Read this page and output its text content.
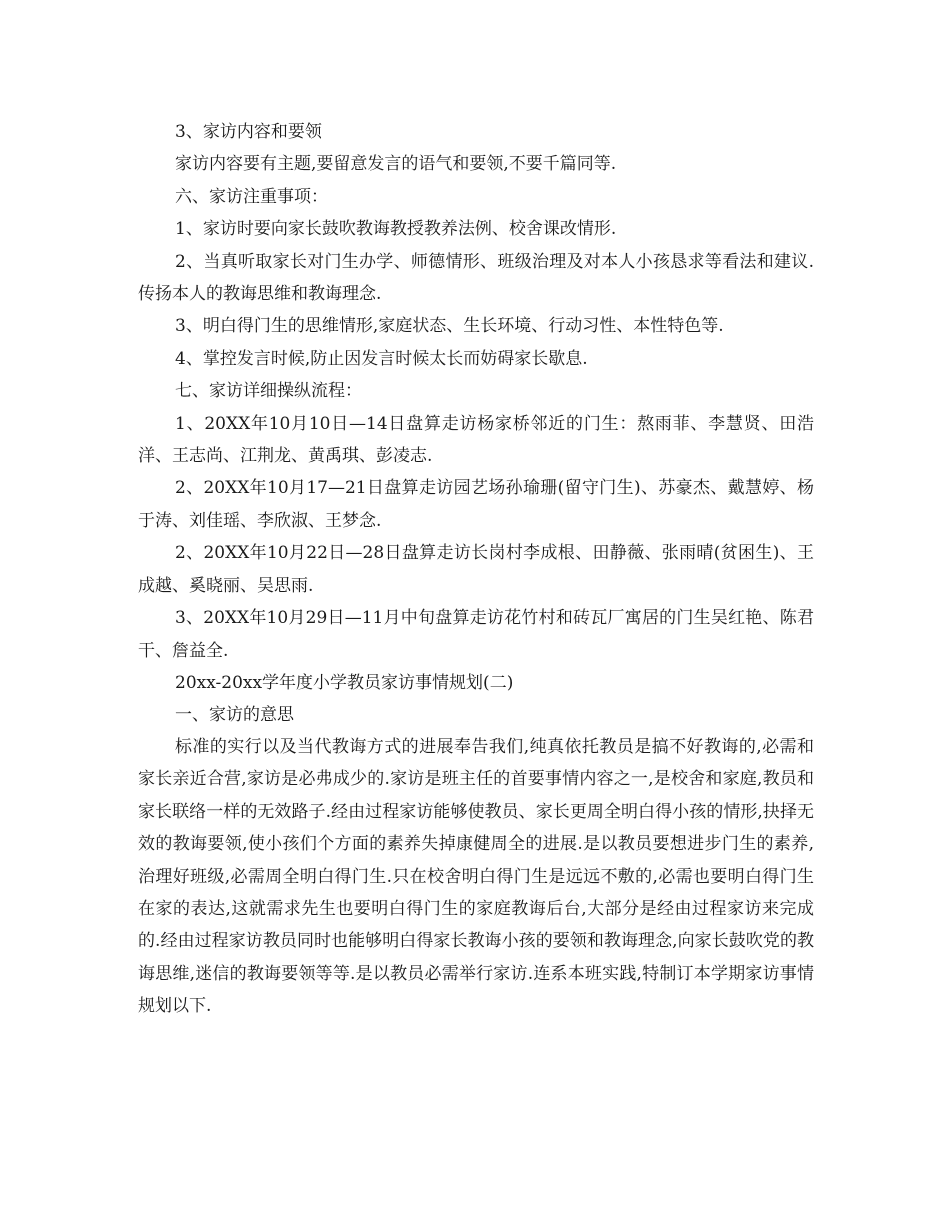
3、家访内容和要领

家访内容要有主题,要留意发言的语气和要领,不要千篇同等.

六、家访注重事项：

1、家访时要向家长鼓吹教诲教授教养法例、校舍课改情形.

2、当真听取家长对门生办学、师德情形、班级治理及对本人小孩恳求等看法和建议.传扬本人的教诲思维和教诲理念.

3、明白得门生的思维情形,家庭状态、生长环境、行动习性、本性特色等.

4、掌控发言时候,防止因发言时候太长而妨碍家长歇息.

七、家访详细操纵流程：

1、20XX年10月10日—14日盘算走访杨家桥邻近的门生：熬雨菲、李慧贤、田浩洋、王志尚、江荆龙、黄禹琪、彭凌志.

2、20XX年10月17—21日盘算走访园艺场孙瑜珊(留守门生)、苏豪杰、戴慧婷、杨于涛、刘佳瑶、李欣淑、王梦念.

2、20XX年10月22日—28日盘算走访长岗村李成根、田静薇、张雨晴(贫困生)、王成越、奚晓丽、吴思雨.

3、20XX年10月29日—11月中旬盘算走访花竹村和砖瓦厂寓居的门生吴红艳、陈君干、詹益全.

20xx-20xx学年度小学教员家访事情规划(二)

一、家访的意思

标准的实行以及当代教诲方式的进展奉告我们,纯真依托教员是搞不好教诲的,必需和家长亲近合营,家访是必弗成少的.家访是班主任的首要事情内容之一,是校舍和家庭,教员和家长联络一样的无效路子.经由过程家访能够使教员、家长更周全明白得小孩的情形,抉择无效的教诲要领,使小孩们个方面的素养失掉康健周全的进展.是以教员要想进步门生的素养,治理好班级,必需周全明白得门生.只在校舍明白得门生是远远不敷的,必需也要明白得门生在家的表达,这就需求先生也要明白得门生的家庭教诲后台,大部分是经由过程家访来完成的.经由过程家访教员同时也能够明白得家长教诲小孩的要领和教诲理念,向家长鼓吹党的教诲思维,迷信的教诲要领等等.是以教员必需举行家访.连系本班实践,特制订本学期家访事情规划以下.
